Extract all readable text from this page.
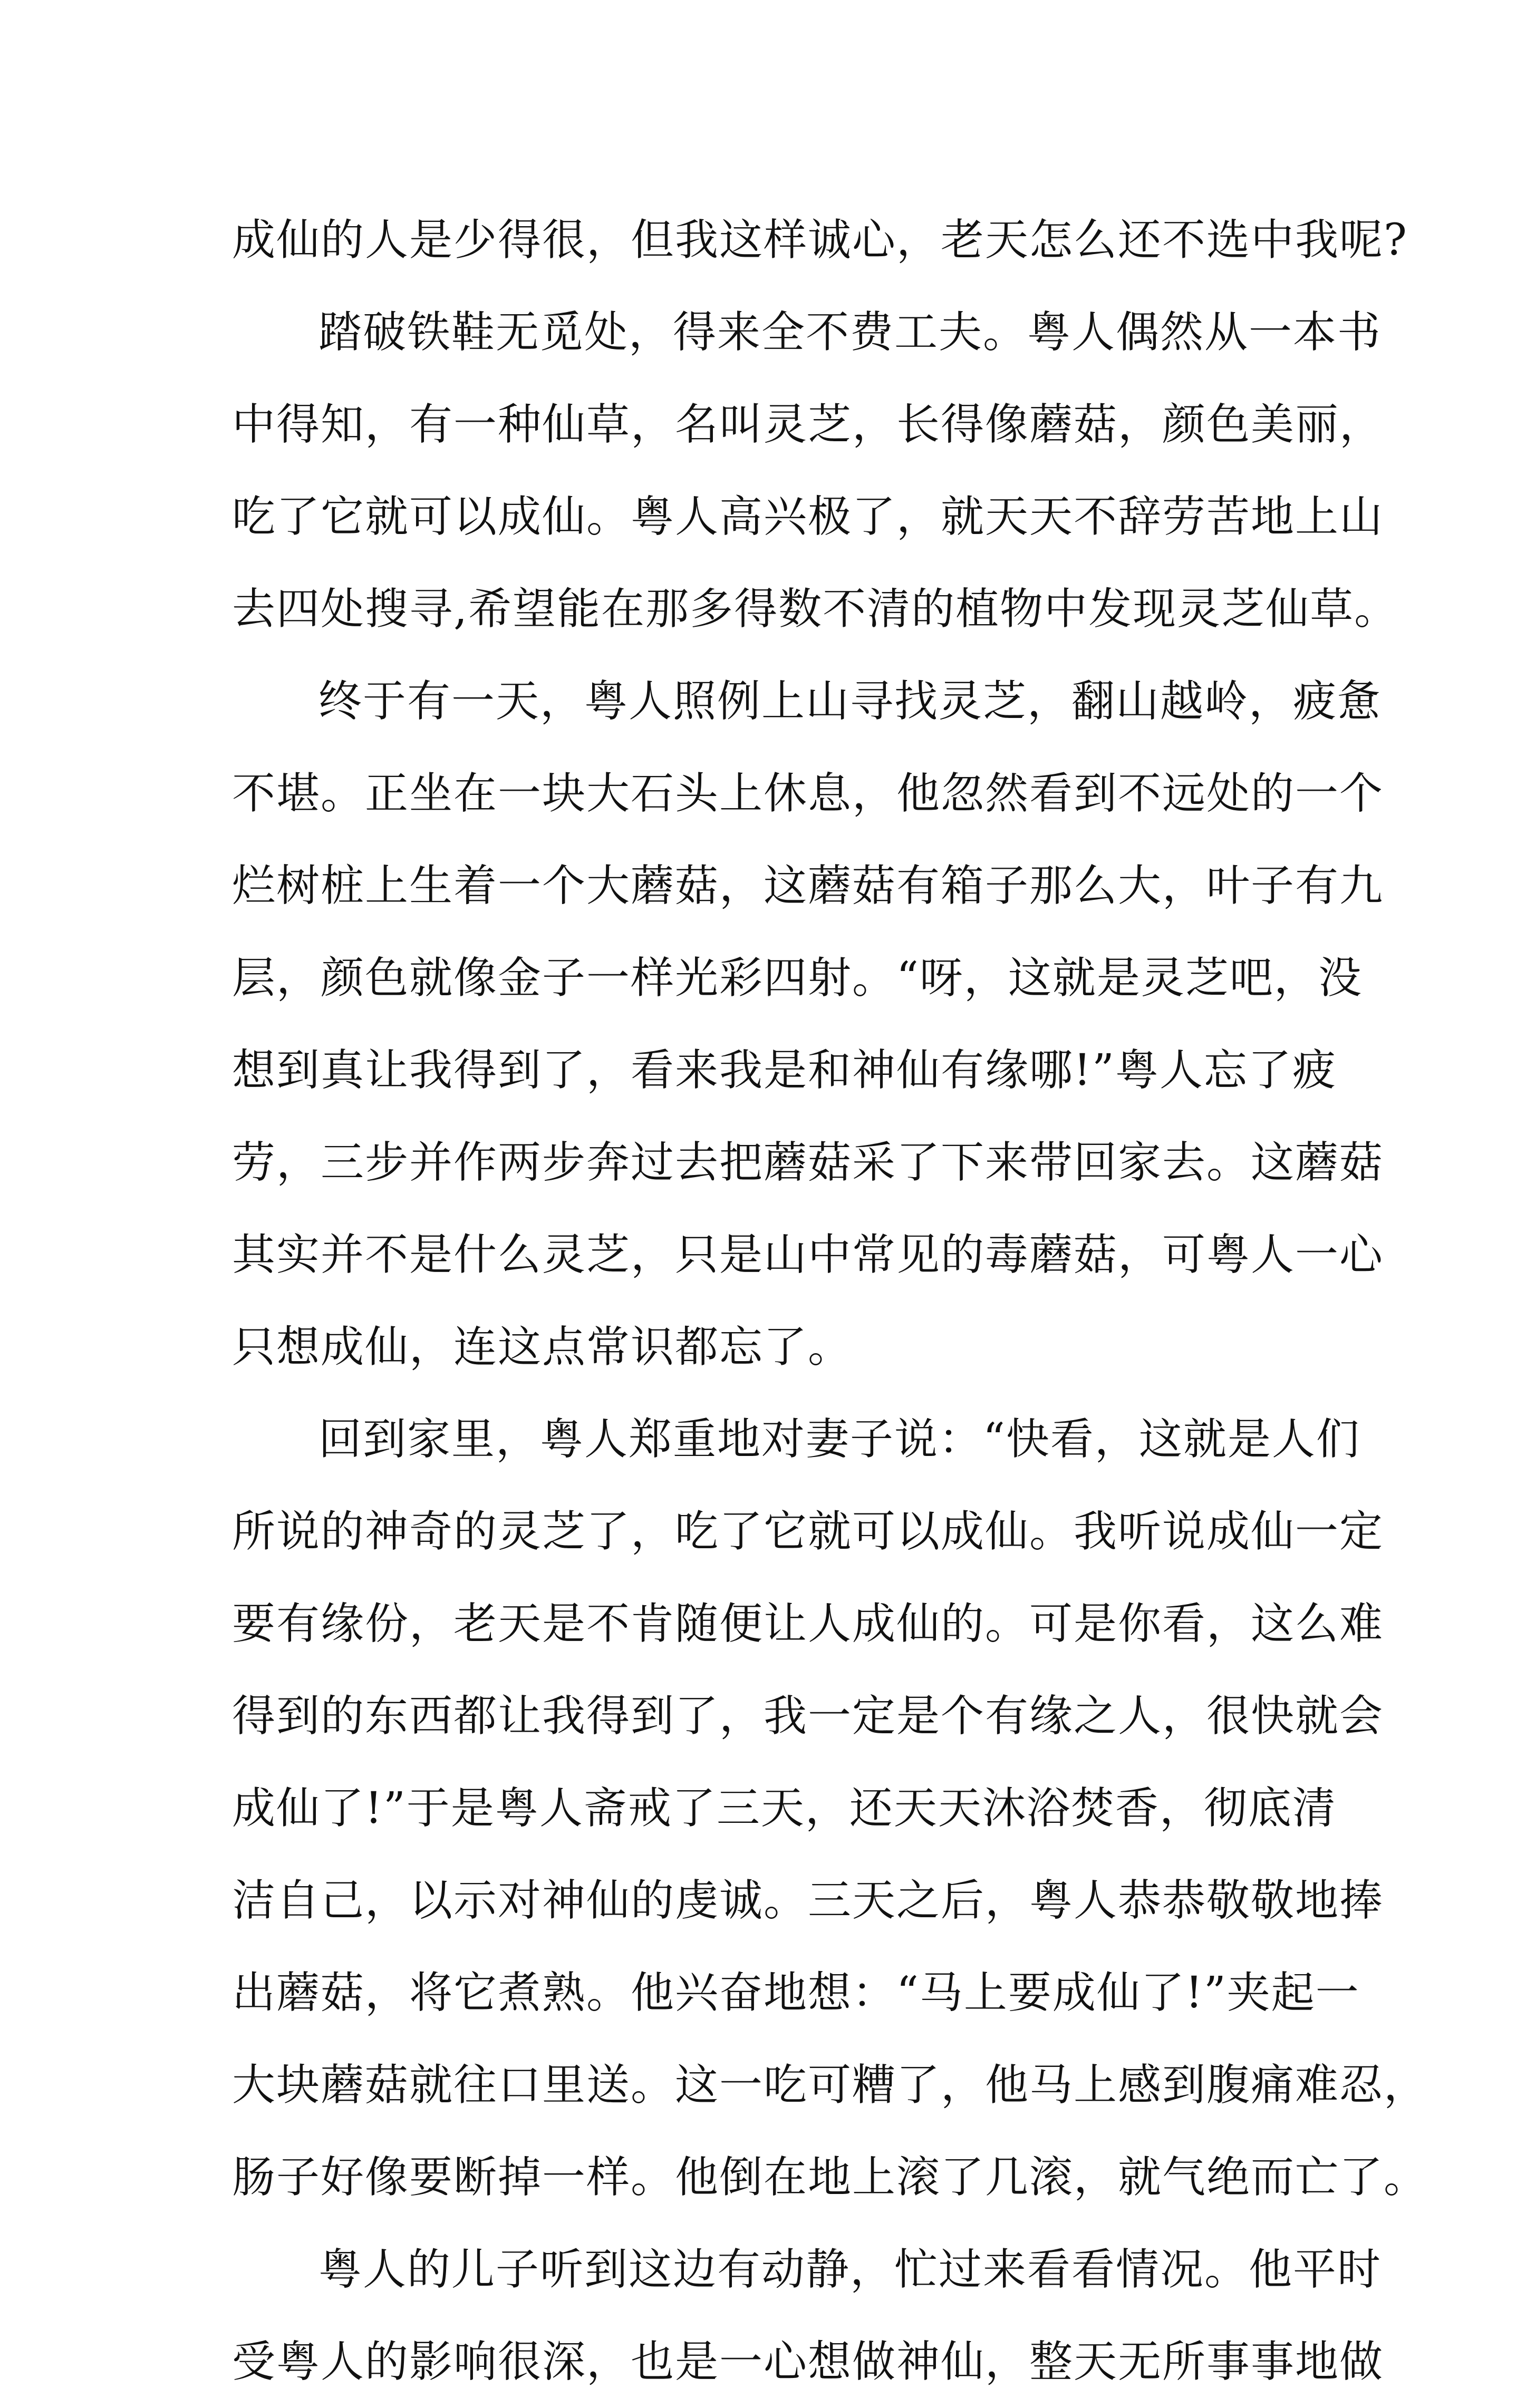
成仙的人是少得很，但我这样诚心，老天怎么还不选中我呢?
踏破铁鞋无觅处，得来全不费工夫。粤人偶然从一本书
中得知，有一种仙草，名叫灵芝，长得像蘑菇，颜色美丽，
吃了它就可以成仙。粤人高兴极了，就天天不辞劳苦地上山
去四处搜寻,希望能在那多得数不清的植物中发现灵芝仙草。
终于有一天，粤人照例上山寻找灵芝，翻山越岭，疲惫
不堪。正坐在一块大石头上休息，他忽然看到不远处的一个
烂树桩上生着一个大蘑菇，这蘑菇有箱子那么大，叶子有九
层，颜色就像金子一样光彩四射。“呀，这就是灵芝吧，没
想到真让我得到了，看来我是和神仙有缘哪!”粤人忘了疲
劳，三步并作两步奔过去把蘑菇采了下来带回家去。这蘑菇
其实并不是什么灵芝，只是山中常见的毒蘑菇，可粤人一心
只想成仙，连这点常识都忘了。
回到家里，粤人郑重地对妻子说：“快看，这就是人们
所说的神奇的灵芝了，吃了它就可以成仙。我听说成仙一定
要有缘份，老天是不肯随便让人成仙的。可是你看，这么难
得到的东西都让我得到了，我一定是个有缘之人，很快就会
成仙了!”于是粤人斋戒了三天，还天天沐浴焚香，彻底清
洁自己，以示对神仙的虔诚。三天之后，粤人恭恭敬敬地捧
出蘑菇，将它煮熟。他兴奋地想：“马上要成仙了!”夹起一
大块蘑菇就往口里送。这一吃可糟了，他马上感到腹痛难忍，
肠子好像要断掉一样。他倒在地上滚了几滚，就气绝而亡了。
粤人的儿子听到这边有动静，忙过来看看情况。他平时
受粤人的影响很深，也是一心想做神仙，整天无所事事地做
